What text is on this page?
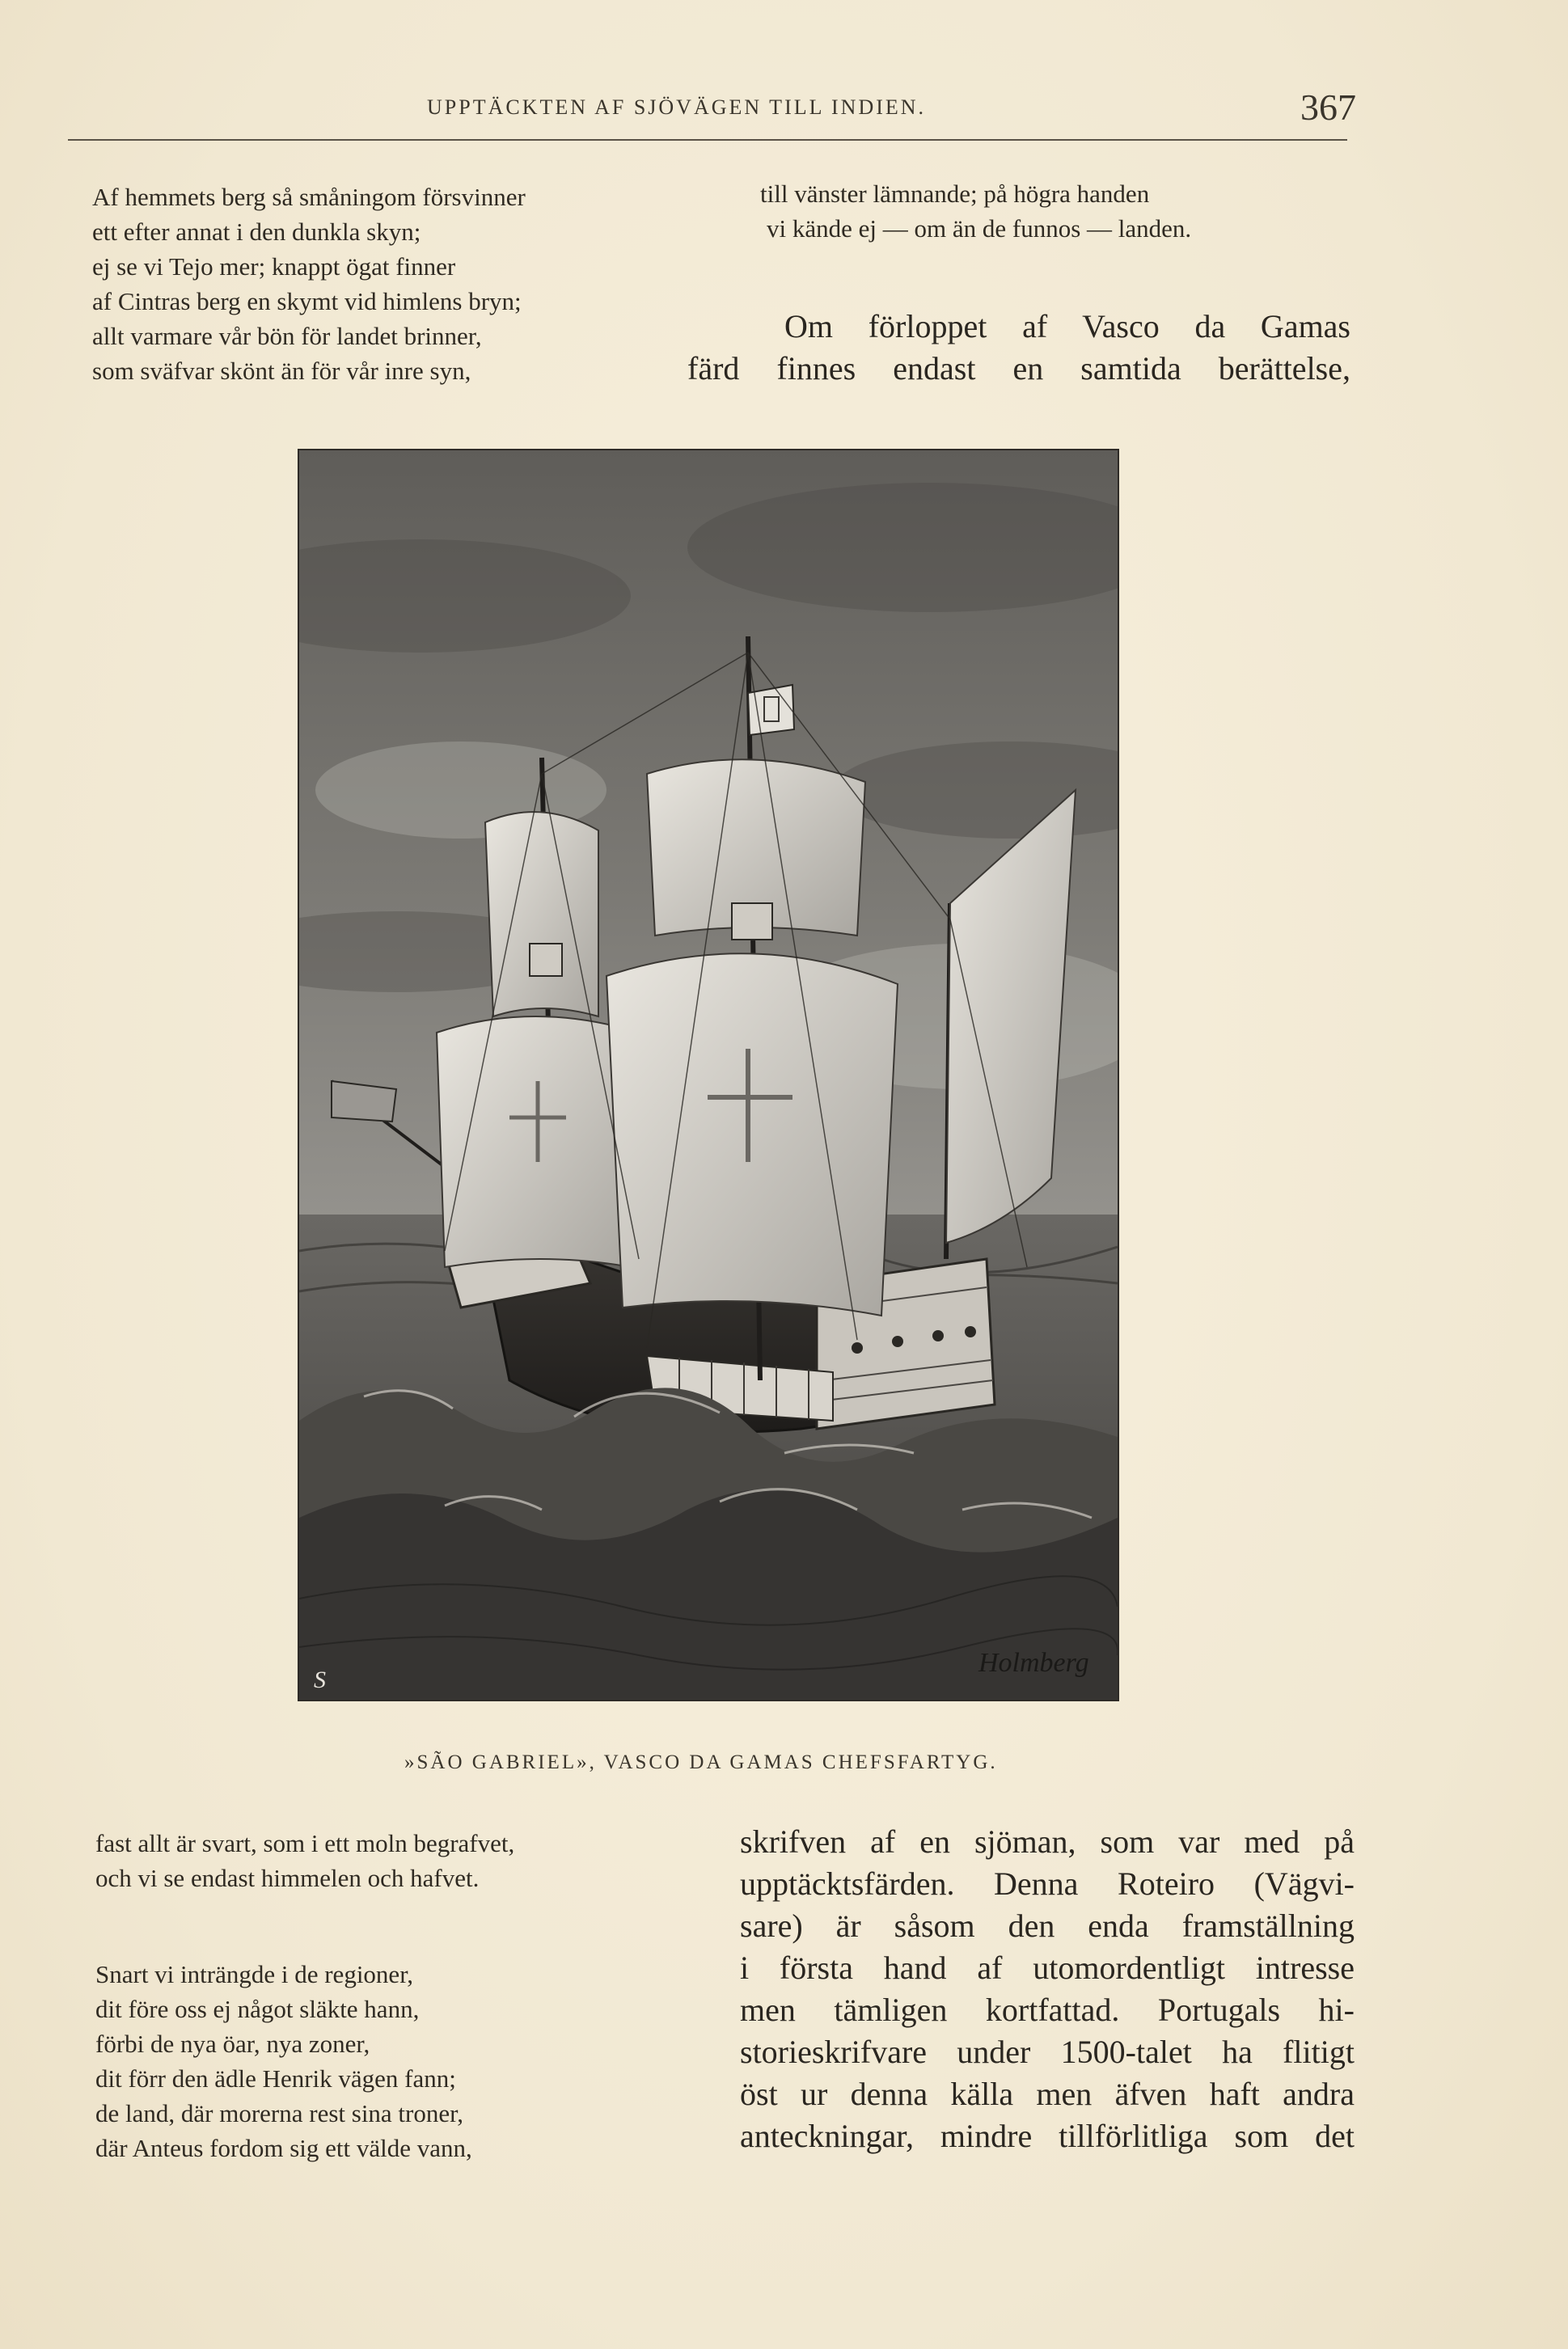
UPPTÄCKTEN AF SJÖVÄGEN TILL INDIEN.	367
Af hemmets berg så småningom försvinner
ett efter annat i den dunkla skyn;
ej se vi Tejo mer; knappt ögat finner
af Cintras berg en skymt vid himlens bryn;
allt varmare vår bön för landet brinner,
som sväfvar skönt än för vår inre syn,
till vänster lämnande; på högra handen
vi kände ej — om än de funnos — landen.
Om förloppet af Vasco da Gamas
färd finnes endast en samtida berättelse,
S
Holmberg
»SÃO GABRIEL», VASCO DA GAMAS CHEFSFARTYG.
fast allt är svart, som i ett moln begrafvet,
och vi se endast himmelen och hafvet.
Snart vi inträngde i de regioner,
dit före oss ej något släkte hann,
förbi de nya öar, nya zoner,
dit förr den ädle Henrik vägen fann;
de land, där morerna rest sina troner,
där Anteus fordom sig ett välde vann,
skrifven af en sjöman, som var med på
upptäcktsfärden. Denna Roteiro (Vägvi-
sare) är såsom den enda framställning
i första hand af utomordentligt intresse
men tämligen kortfattad. Portugals hi-
storieskrifvare under 1500-talet ha flitigt
öst ur denna källa men äfven haft andra
anteckningar, mindre tillförlitliga som det
